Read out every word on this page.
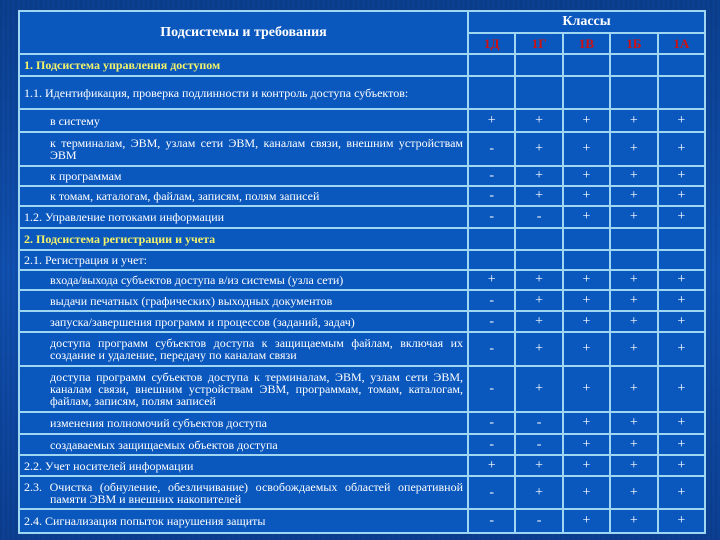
Подсистемы и требования	Классы				
	1Д	1Г	1В	1Б	1А
1. Подсистема управления доступом					
1.1. Идентификация, проверка подлинности и контроль доступа субъектов:					
в систему	+	+	+	+	+
к терминалам, ЭВМ, узлам сети ЭВМ, каналам связи, внешним устройствам ЭВМ	-	+	+	+	+
к программам	-	+	+	+	+
к томам, каталогам, файлам, записям, полям записей	-	+	+	+	+
1.2. Управление потоками информации	-	-	+	+	+
2. Подсистема регистрации и учета					
2.1. Регистрация и учет:					
входа/выхода субъектов доступа в/из системы (узла сети)	+	+	+	+	+
выдачи печатных (графических) выходных документов	-	+	+	+	+
запуска/завершения программ и процессов (заданий, задач)	-	+	+	+	+
доступа программ субъектов доступа к защищаемым файлам, включая их создание и удаление, передачу по каналам связи	-	+	+	+	+
доступа программ субъектов доступа к терминалам, ЭВМ, узлам сети ЭВМ, каналам связи, внешним устройствам ЭВМ, программам, томам, каталогам, файлам, записям, полям записей	-	+	+	+	+
изменения полномочий субъектов доступа	-	-	+	+	+
создаваемых защищаемых объектов доступа	-	-	+	+	+
2.2. Учет носителей информации	+	+	+	+	+
2.3. Очистка (обнуление, обезличивание) освобождаемых областей оперативной памяти ЭВМ и внешних накопителей	-	+	+	+	+
2.4. Сигнализация попыток нарушения защиты	-	-	+	+	+
